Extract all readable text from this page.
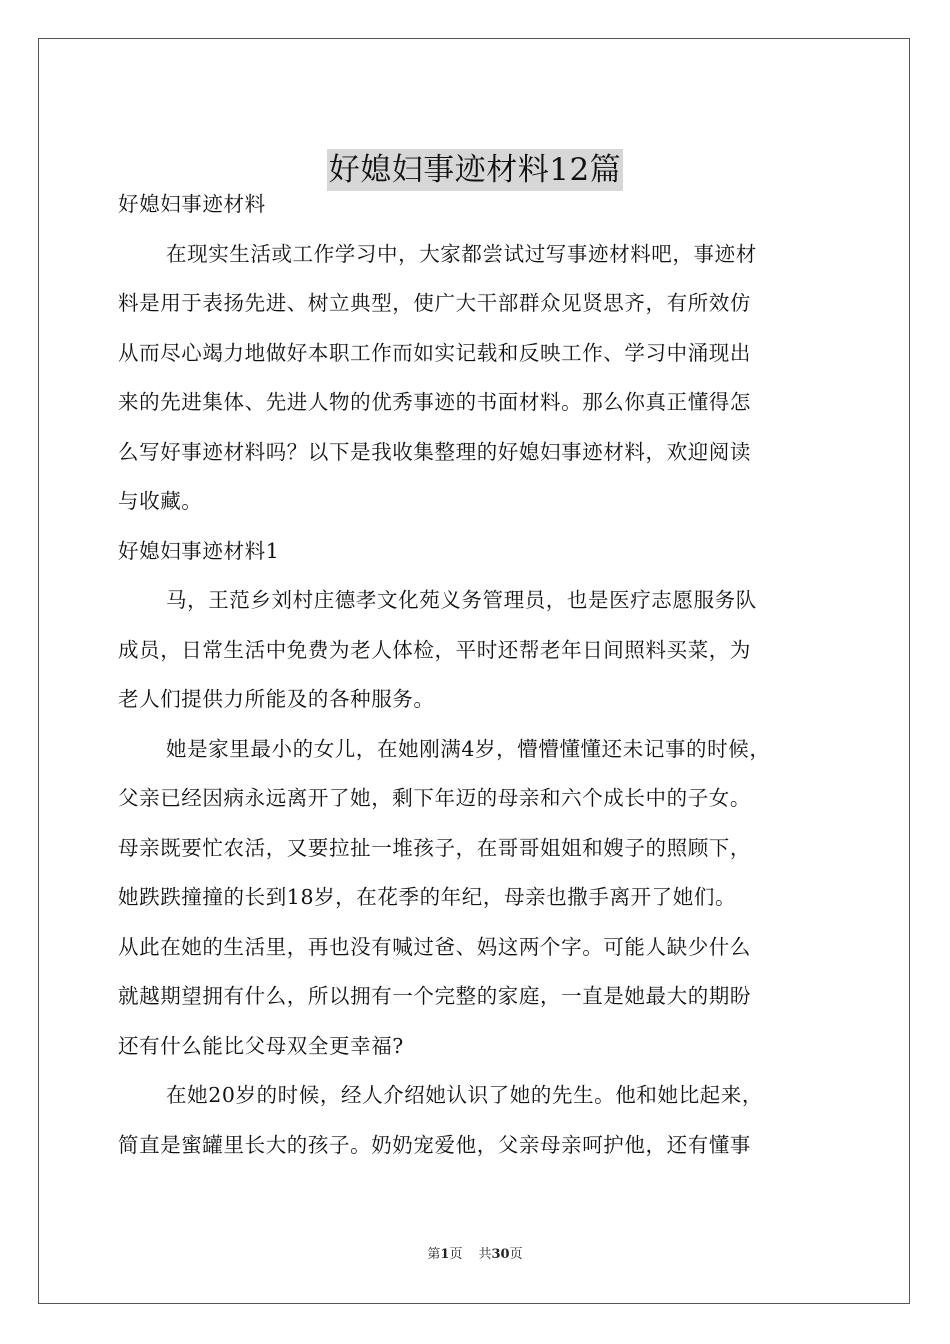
好媳妇事迹材料12篇
好媳妇事迹材料
在现实生活或工作学习中，大家都尝试过写事迹材料吧，事迹材
料是用于表扬先进、树立典型，使广大干部群众见贤思齐，有所效仿
从而尽心竭力地做好本职工作而如实记载和反映工作、学习中涌现出
来的先进集体、先进人物的优秀事迹的书面材料。那么你真正懂得怎
么写好事迹材料吗？以下是我收集整理的好媳妇事迹材料，欢迎阅读
与收藏。
好媳妇事迹材料1
马，王范乡刘村庄德孝文化苑义务管理员，也是医疗志愿服务队
成员，日常生活中免费为老人体检，平时还帮老年日间照料买菜，为
老人们提供力所能及的各种服务。
她是家里最小的女儿，在她刚满4岁，懵懵懂懂还未记事的时候，
父亲已经因病永远离开了她，剩下年迈的母亲和六个成长中的子女。
母亲既要忙农活，又要拉扯一堆孩子，在哥哥姐姐和嫂子的照顾下，
她跌跌撞撞的长到18岁，在花季的年纪，母亲也撒手离开了她们。
从此在她的生活里，再也没有喊过爸、妈这两个字。可能人缺少什么
就越期望拥有什么，所以拥有一个完整的家庭，一直是她最大的期盼
还有什么能比父母双全更幸福?
在她20岁的时候，经人介绍她认识了她的先生。他和她比起来，
简直是蜜罐里长大的孩子。奶奶宠爱他，父亲母亲呵护他，还有懂事
第1页 共30页
